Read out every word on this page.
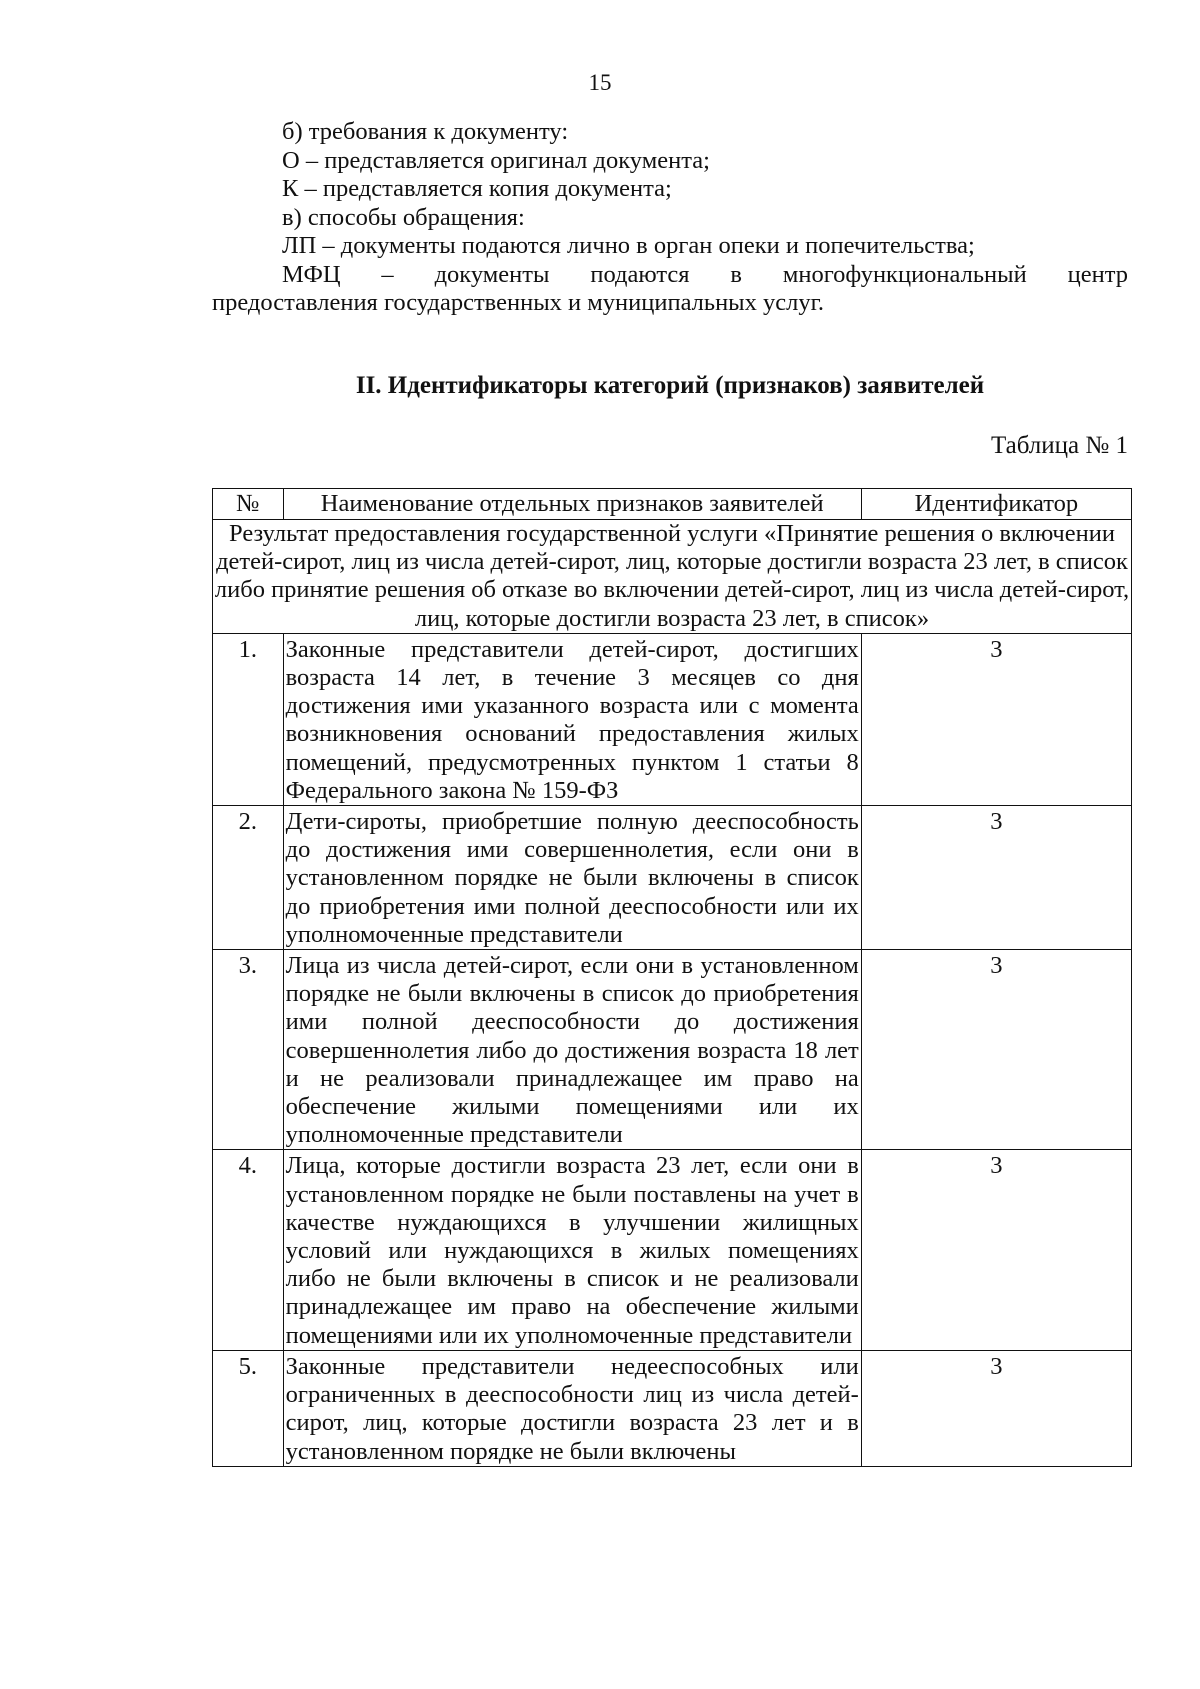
15
б) требования к документу:
О – представляется оригинал документа;
К – представляется копия документа;
в) способы обращения:
ЛП – документы подаются лично в орган опеки и попечительства;
МФЦ – документы подаются в многофункциональный центр
предоставления государственных и муниципальных услуг.
II. Идентификаторы категорий (признаков) заявителей
Таблица № 1
№	Наименование отдельных признаков заявителей	Идентификатор
Результат предоставления государственной услуги «Принятие решения о включении детей-сирот, лиц из числа детей-сирот, лиц, которые достигли возраста 23 лет, в список либо принятие решения об отказе во включении детей-сирот, лиц из числа детей-сирот, лиц, которые достигли возраста 23 лет, в список»		
1.	Законные представители детей-сирот, достигших возраста 14 лет, в течение 3 месяцев со дня достижения ими указанного возраста или с момента возникновения оснований предоставления жилых помещений, предусмотренных пунктом 1 статьи 8 Федерального закона № 159-ФЗ	3
2.	Дети-сироты, приобретшие полную дееспособность до достижения ими совершеннолетия, если они в установленном порядке не были включены в список до приобретения ими полной дееспособности или их уполномоченные представители	3
3.	Лица из числа детей-сирот, если они в установленном порядке не были включены в список до приобретения ими полной дееспособности до достижения совершеннолетия либо до достижения возраста 18 лет и не реализовали принадлежащее им право на обеспечение жилыми помещениями или их уполномоченные представители	3
4.	Лица, которые достигли возраста 23 лет, если они в установленном порядке не были поставлены на учет в качестве нуждающихся в улучшении жилищных условий или нуждающихся в жилых помещениях либо не были включены в список и не реализовали принадлежащее им право на обеспечение жилыми помещениями или их уполномоченные представители	3
5.	Законные представители недееспособных или ограниченных в дееспособности лиц из числа детей-сирот, лиц, которые достигли возраста 23 лет и в установленном порядке не были включены	3
